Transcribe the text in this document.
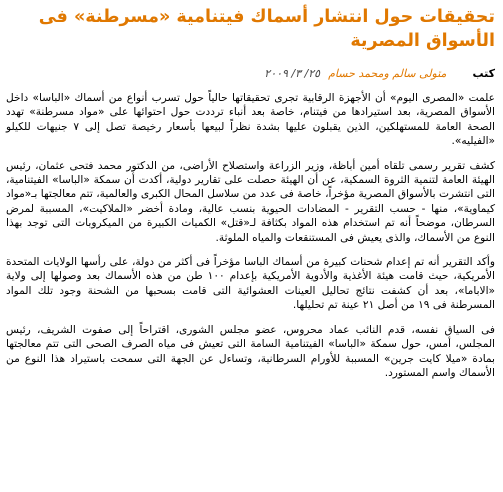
تحقيقات حول انتشار أسماك فيتنامية «مسرطنة» فى الأسواق المصرية
كتب
متولى سالم ومحمد حسام
٢٥/ ٣/ ٢٠٠٩

علمت «المصرى اليوم» أن الأجهزة الرقابية تجرى تحقيقاتها حالياً حول تسرب أنواع من أسماك «الباسا» داخل الأسواق المصرية، بعد استيرادها من فيتنام، خاصة بعد أنباء ترددت حول احتوائها على «مواد مسرطنة» تهدد الصحة العامة للمستهلكين، الذين يقبلون عليها بشدة نظراً لبيعها بأسعار رخيصة تصل إلى ٧ جنيهات للكيلو «الفيليه».

كشف تقرير رسمى تلقاه أمين أباظة، وزير الزراعة واستصلاح الأراضى، من الدكتور محمد فتحى عثمان، رئيس الهيئة العامة لتنمية الثروة السمكية، عن أن الهيئة حصلت على تقارير دولية، أكدت أن سمكة «الباسا» الفيتنامية، التى انتشرت بالأسواق المصرية مؤخراً، خاصة فى عدد من سلاسل المحال الكبرى والعالمية، تتم معالجتها بـ«مواد كيماوية»، منها - حسب التقرير - المضادات الحيوية بنسب عالية، ومادة أخضر «الملاكيت»، المسببة لمرض السرطان، موضحاً أنه تم استخدام هذه المواد بكثافة لـ«قتل» الكميات الكبيرة من الميكروبات التى توجد بهذا النوع من الأسماك، والذى يعيش فى المستنقعات والمياه الملوثة.

وأكد التقرير أنه تم إعدام شحنات كبيرة من أسماك الباسا مؤخراً فى أكثر من دولة، على رأسها الولايات المتحدة الأمريكية، حيث قامت هيئة الأغذية والأدوية الأمريكية بإعدام ١٠٠ طن من هذه الأسماك بعد وصولها إلى ولاية «الاباما»، بعد أن كشفت نتائج تحاليل العينات العشوائية التى قامت بسحبها من الشحنة وجود تلك المواد المسرطنة فى ١٩ من أصل ٢١ عينة تم تحليلها.

فى السياق نفسه، قدم النائب عماد محروس، عضو مجلس الشورى، اقتراحاً إلى صفوت الشريف، رئيس المجلس، أمس، حول سمكة «الباسا» الفيتنامية السامة التى تعيش فى مياه الصرف الصحى التى تتم معالجتها بمادة «ميلا كايت جرين» المسببة للأورام السرطانية، وتساءل عن الجهة التى سمحت باستيراد هذا النوع من الأسماك واسم المستورد.
